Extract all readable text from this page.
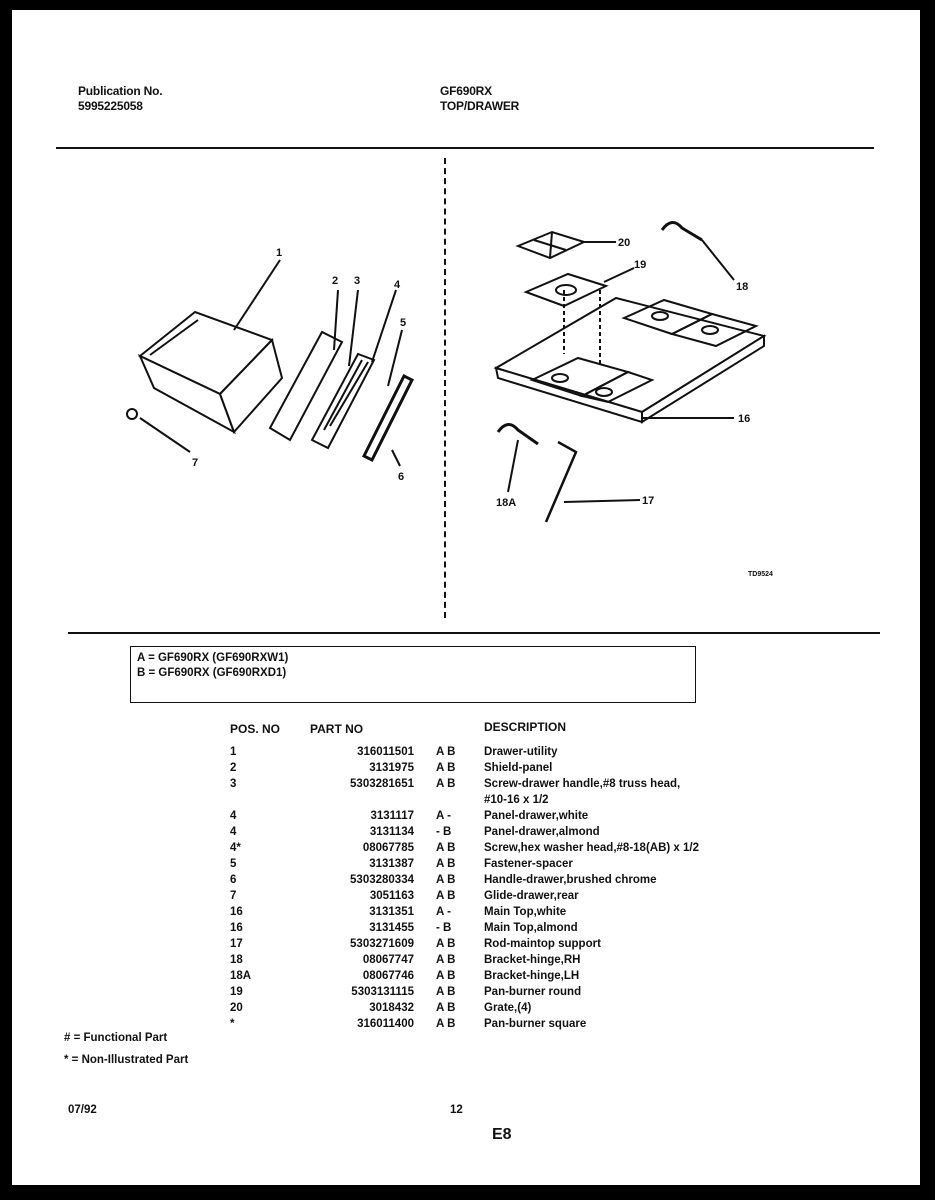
Publication No.
5995225058
GF690RX
TOP/DRAWER
1
2 3	4
5
6
7
20
19
18
16
18A	17
TD9524
A = GF690RX (GF690RXW1)
B = GF690RX (GF690RXD1)
POS. NO PART NO	DESCRIPTION
1	316011501 A B	Drawer-utility
2	3131975 A B	Shield-panel
3	5303281651 A B	Screw-drawer handle,#8 truss head,
#10-16 x 1/2
4	3131117 A -	Panel-drawer,white
4	3131134 - B	Panel-drawer,almond
4*	08067785 A B	Screw,hex washer head,#8-18(AB) x 1/2
5	3131387 A B	Fastener-spacer
6	5303280334 A B	Handle-drawer,brushed chrome
7	3051163 A B	Glide-drawer,rear
16	3131351 A -	Main Top,white
16	3131455 - B	Main Top,almond
17	5303271609 A B	Rod-maintop support
18	08067747 A B	Bracket-hinge,RH
18A	08067746 A B	Bracket-hinge,LH
19	5303131115 A B	Pan-burner round
20	3018432 A B	Grate,(4)
*	316011400 A B	Pan-burner square
# = Functional Part
* = Non-Illustrated Part
07/92	12
E8
